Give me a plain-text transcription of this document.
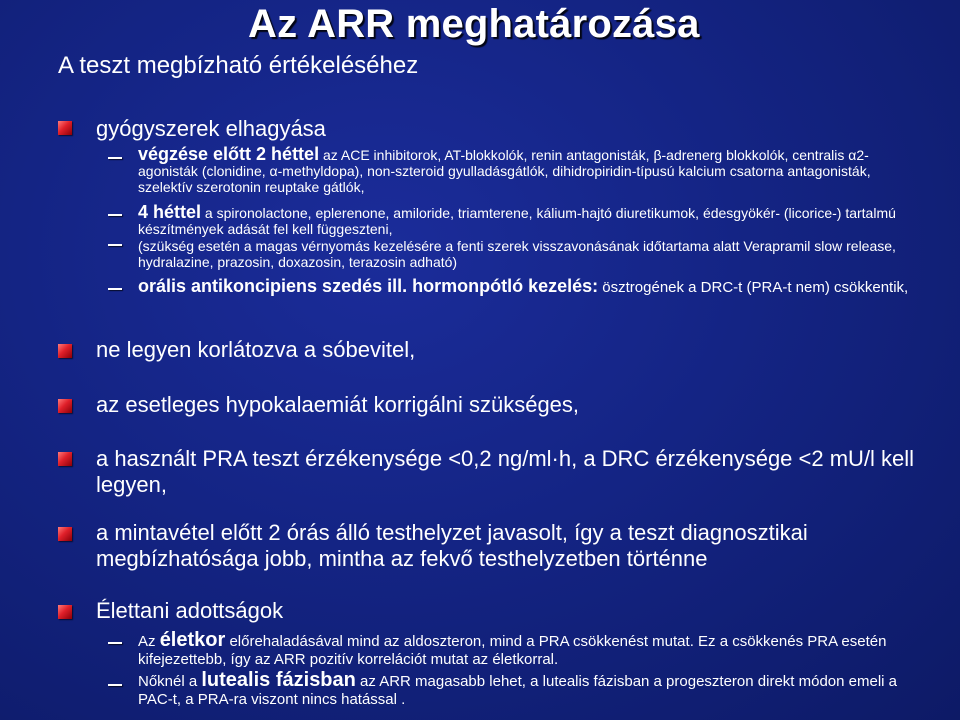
Az ARR meghatározása
A teszt megbízható értékeléséhez
gyógyszerek elhagyása
végzése előtt 2 héttel az ACE inhibitorok, AT-blokkolók, renin antagonisták, β-adrenerg blokkolók, centralis α2-agonisták (clonidine, α-methyldopa), non-szteroid gyulladásgátlók, dihidropiridin-típusú kalcium csatorna antagonisták, szelektív szerotonin reuptake gátlók,
4 héttel a spironolactone, eplerenone, amiloride, triamterene, kálium-hajtó diuretikumok, édesgyökér- (licorice-) tartalmú készítmények adását fel kell függeszteni,
(szükség esetén a magas vérnyomás kezelésére a fenti szerek visszavonásának időtartama alatt Verapramil slow release, hydralazine, prazosin, doxazosin, terazosin adható)
orális antikoncipiens szedés ill. hormonpótló kezelés: ösztrogének a DRC-t (PRA-t nem) csökkentik,
ne legyen korlátozva a sóbevitel,
az esetleges hypokalaemiát korrigálni szükséges,
a használt PRA teszt érzékenysége <0,2 ng/ml·h, a DRC érzékenysége <2 mU/l kell legyen,
a mintavétel előtt 2 órás álló testhelyzet javasolt, így a teszt diagnosztikai megbízhatósága jobb, mintha az fekvő testhelyzetben történne
Élettani adottságok
Az életkor előrehaladásával mind az aldoszteron, mind a PRA csökkenést mutat. Ez a csökkenés PRA esetén kifejezettebb, így az ARR pozitív korrelációt mutat az életkorral.
Nőknél a lutealis fázisban az ARR magasabb lehet, a lutealis fázisban a progeszteron direkt módon emeli a PAC-t, a PRA-ra viszont nincs hatással .
